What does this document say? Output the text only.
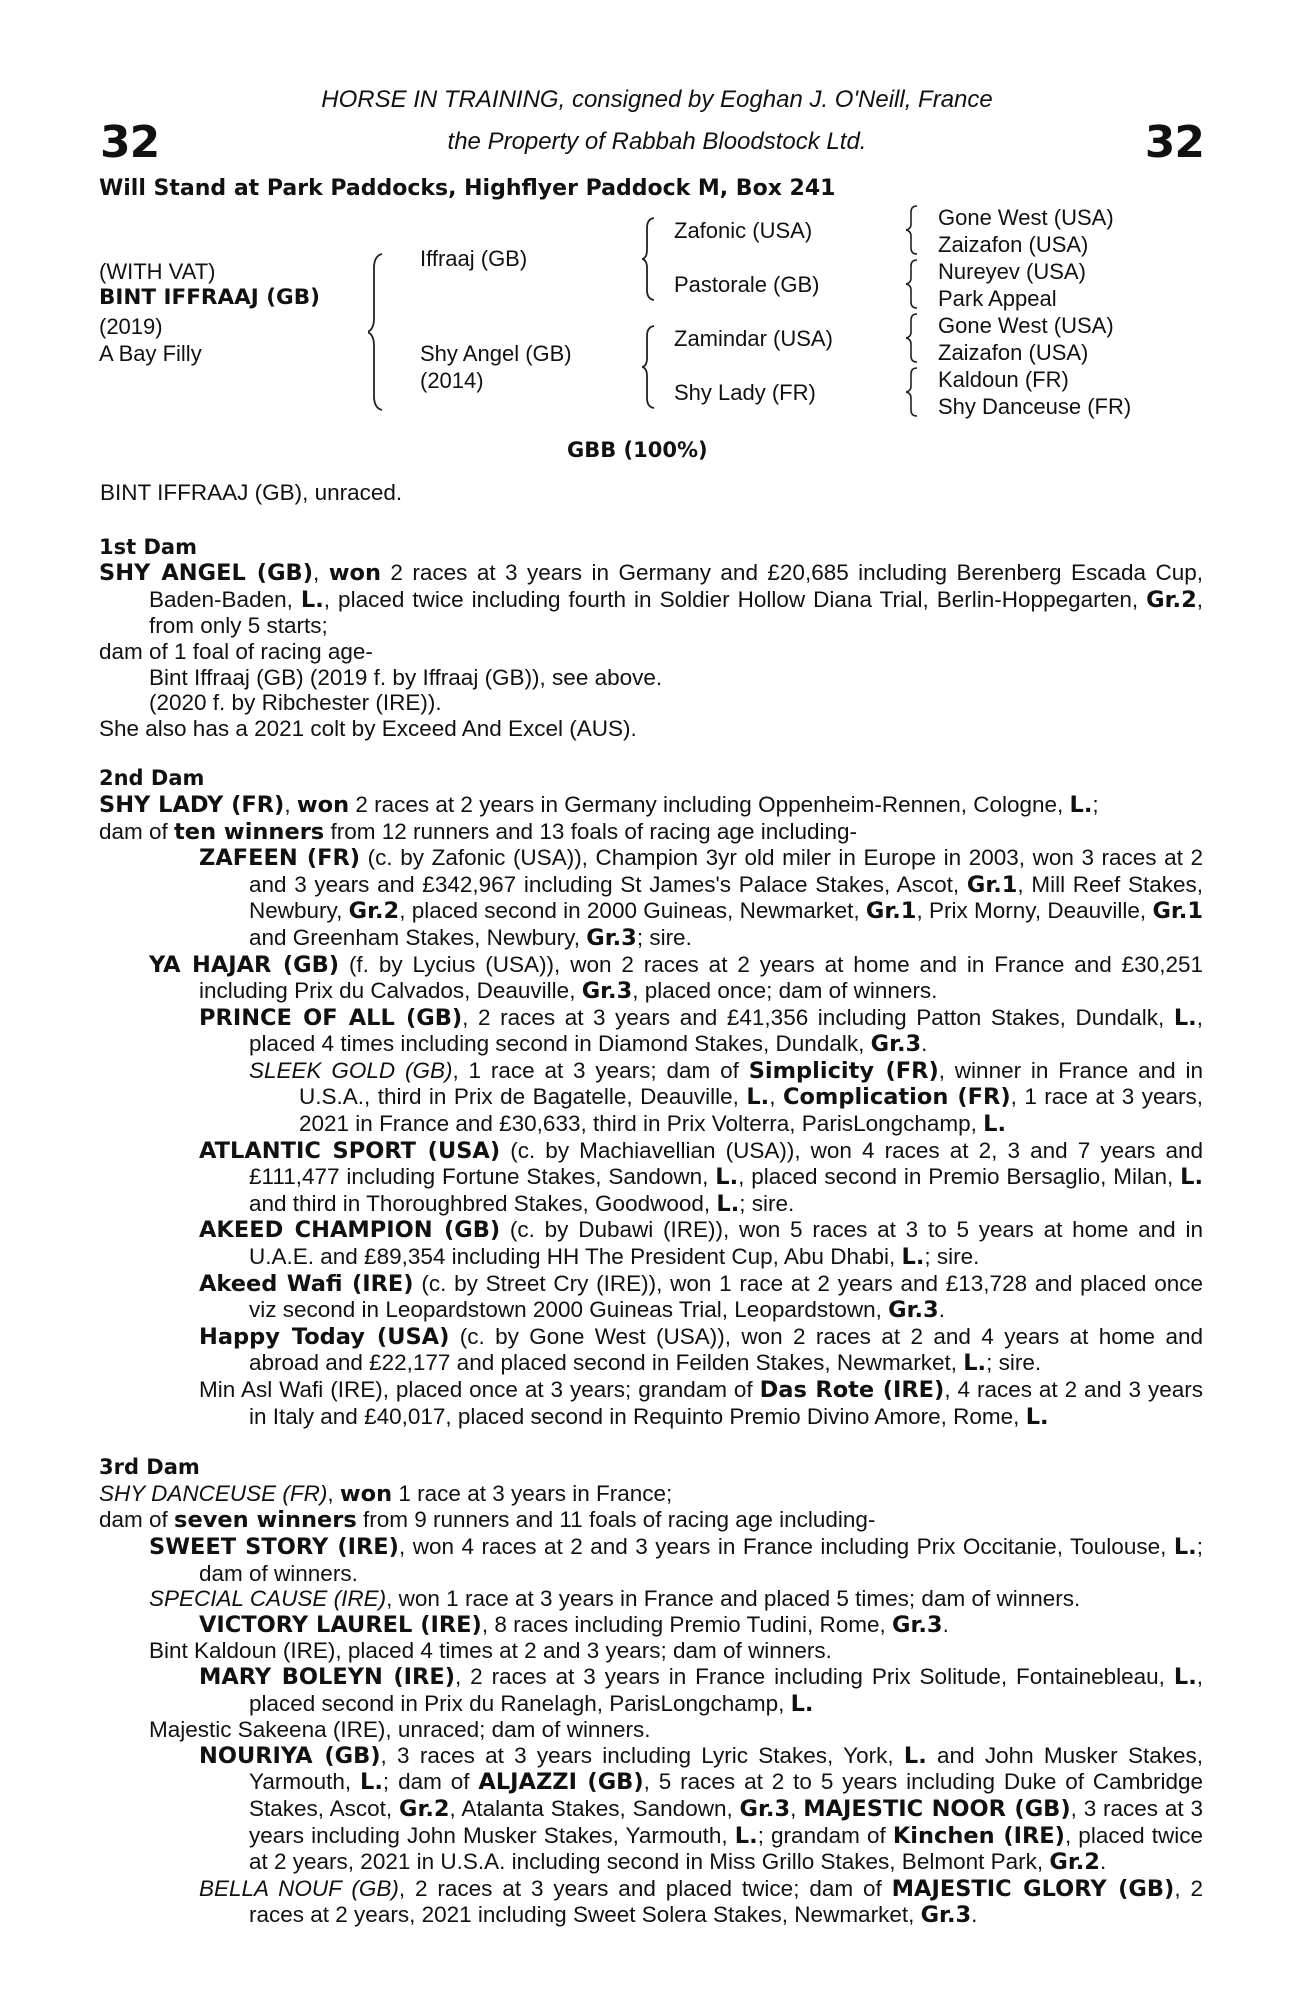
32	32
HORSE IN TRAINING, consigned by Eoghan J. O'Neill, France
the Property of Rabbah Bloodstock Ltd.
Will Stand at Park Paddocks, Highflyer Paddock M, Box 241
(WITH VAT)
BINT IFFRAAJ (GB)
(2019)
A Bay Filly
Iffraaj (GB)
Shy Angel (GB)
(2014)
Zafonic (USA)
Pastorale (GB)
Zamindar (USA)
Shy Lady (FR)
Gone West (USA)
Zaizafon (USA)
Nureyev (USA)
Park Appeal
Gone West (USA)
Zaizafon (USA)
Kaldoun (FR)
Shy Danceuse (FR)
GBB (100%)

BINT IFFRAAJ (GB), unraced.

1st Dam

SHY ANGEL (GB), won 2 races at 3 years in Germany and £20,685 including Berenberg Escada Cup, Baden-Baden, L., placed twice including fourth in Soldier Hollow Diana Trial, Berlin-Hoppegarten, Gr.2, from only 5 starts;

dam of 1 foal of racing age-

Bint Iffraaj (GB) (2019 f. by Iffraaj (GB)), see above.

(2020 f. by Ribchester (IRE)).

She also has a 2021 colt by Exceed And Excel (AUS).

2nd Dam

SHY LADY (FR), won 2 races at 2 years in Germany including Oppenheim-Rennen, Cologne, L.;

dam of ten winners from 12 runners and 13 foals of racing age including-

ZAFEEN (FR) (c. by Zafonic (USA)), Champion 3yr old miler in Europe in 2003, won 3 races at 2 and 3 years and £342,967 including St James's Palace Stakes, Ascot, Gr.1, Mill Reef Stakes, Newbury, Gr.2, placed second in 2000 Guineas, Newmarket, Gr.1, Prix Morny, Deauville, Gr.1 and Greenham Stakes, Newbury, Gr.3; sire.

YA HAJAR (GB) (f. by Lycius (USA)), won 2 races at 2 years at home and in France and £30,251 including Prix du Calvados, Deauville, Gr.3, placed once; dam of winners.

PRINCE OF ALL (GB), 2 races at 3 years and £41,356 including Patton Stakes, Dundalk, L., placed 4 times including second in Diamond Stakes, Dundalk, Gr.3.

SLEEK GOLD (GB), 1 race at 3 years; dam of Simplicity (FR), winner in France and in U.S.A., third in Prix de Bagatelle, Deauville, L., Complication (FR), 1 race at 3 years, 2021 in France and £30,633, third in Prix Volterra, ParisLongchamp, L.

ATLANTIC SPORT (USA) (c. by Machiavellian (USA)), won 4 races at 2, 3 and 7 years and £111,477 including Fortune Stakes, Sandown, L., placed second in Premio Bersaglio, Milan, L. and third in Thoroughbred Stakes, Goodwood, L.; sire.

AKEED CHAMPION (GB) (c. by Dubawi (IRE)), won 5 races at 3 to 5 years at home and in U.A.E. and £89,354 including HH The President Cup, Abu Dhabi, L.; sire.

Akeed Wafi (IRE) (c. by Street Cry (IRE)), won 1 race at 2 years and £13,728 and placed once viz second in Leopardstown 2000 Guineas Trial, Leopardstown, Gr.3.

Happy Today (USA) (c. by Gone West (USA)), won 2 races at 2 and 4 years at home and abroad and £22,177 and placed second in Feilden Stakes, Newmarket, L.; sire.

Min Asl Wafi (IRE), placed once at 3 years; grandam of Das Rote (IRE), 4 races at 2 and 3 years in Italy and £40,017, placed second in Requinto Premio Divino Amore, Rome, L.

3rd Dam

SHY DANCEUSE (FR), won 1 race at 3 years in France;

dam of seven winners from 9 runners and 11 foals of racing age including-

SWEET STORY (IRE), won 4 races at 2 and 3 years in France including Prix Occitanie, Toulouse, L.; dam of winners.

SPECIAL CAUSE (IRE), won 1 race at 3 years in France and placed 5 times; dam of winners.

VICTORY LAUREL (IRE), 8 races including Premio Tudini, Rome, Gr.3.

Bint Kaldoun (IRE), placed 4 times at 2 and 3 years; dam of winners.

MARY BOLEYN (IRE), 2 races at 3 years in France including Prix Solitude, Fontainebleau, L., placed second in Prix du Ranelagh, ParisLongchamp, L.

Majestic Sakeena (IRE), unraced; dam of winners.

NOURIYA (GB), 3 races at 3 years including Lyric Stakes, York, L. and John Musker Stakes, Yarmouth, L.; dam of ALJAZZI (GB), 5 races at 2 to 5 years including Duke of Cambridge Stakes, Ascot, Gr.2, Atalanta Stakes, Sandown, Gr.3, MAJESTIC NOOR (GB), 3 races at 3 years including John Musker Stakes, Yarmouth, L.; grandam of Kinchen (IRE), placed twice at 2 years, 2021 in U.S.A. including second in Miss Grillo Stakes, Belmont Park, Gr.2.

BELLA NOUF (GB), 2 races at 3 years and placed twice; dam of MAJESTIC GLORY (GB), 2 races at 2 years, 2021 including Sweet Solera Stakes, Newmarket, Gr.3.
